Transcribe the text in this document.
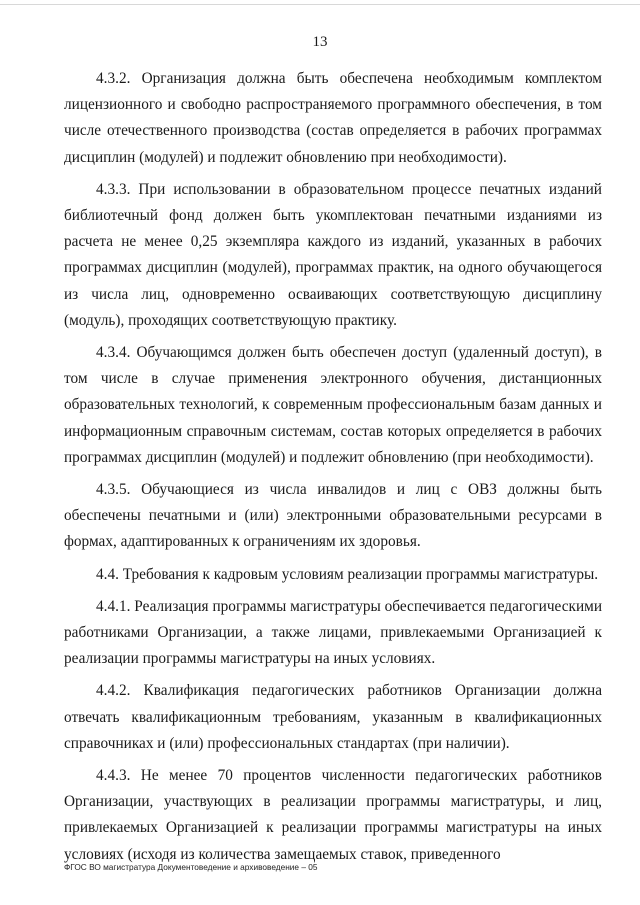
13

4.3.2. Организация должна быть обеспечена необходимым комплектом лицензионного и свободно распространяемого программного обеспечения, в том числе отечественного производства (состав определяется в рабочих программах дисциплин (модулей) и подлежит обновлению при необходимости).

4.3.3. При использовании в образовательном процессе печатных изданий библиотечный фонд должен быть укомплектован печатными изданиями из расчета не менее 0,25 экземпляра каждого из изданий, указанных в рабочих программах дисциплин (модулей), программах практик, на одного обучающегося из числа лиц, одновременно осваивающих соответствующую дисциплину (модуль), проходящих соответствующую практику.

4.3.4. Обучающимся должен быть обеспечен доступ (удаленный доступ), в том числе в случае применения электронного обучения, дистанционных образовательных технологий, к современным профессиональным базам данных и информационным справочным системам, состав которых определяется в рабочих программах дисциплин (модулей) и подлежит обновлению (при необходимости).

4.3.5. Обучающиеся из числа инвалидов и лиц с ОВЗ должны быть обеспечены печатными и (или) электронными образовательными ресурсами в формах, адаптированных к ограничениям их здоровья.

4.4. Требования к кадровым условиям реализации программы магистратуры.

4.4.1. Реализация программы магистратуры обеспечивается педагогическими работниками Организации, а также лицами, привлекаемыми Организацией к реализации программы магистратуры на иных условиях.

4.4.2. Квалификация педагогических работников Организации должна отвечать квалификационным требованиям, указанным в квалификационных справочниках и (или) профессиональных стандартах (при наличии).

4.4.3. Не менее 70 процентов численности педагогических работников Организации, участвующих в реализации программы магистратуры, и лиц, привлекаемых Организацией к реализации программы магистратуры на иных условиях (исходя из количества замещаемых ставок, приведенного

ФГОС ВО магистратура Документоведение и архивоведение – 05
